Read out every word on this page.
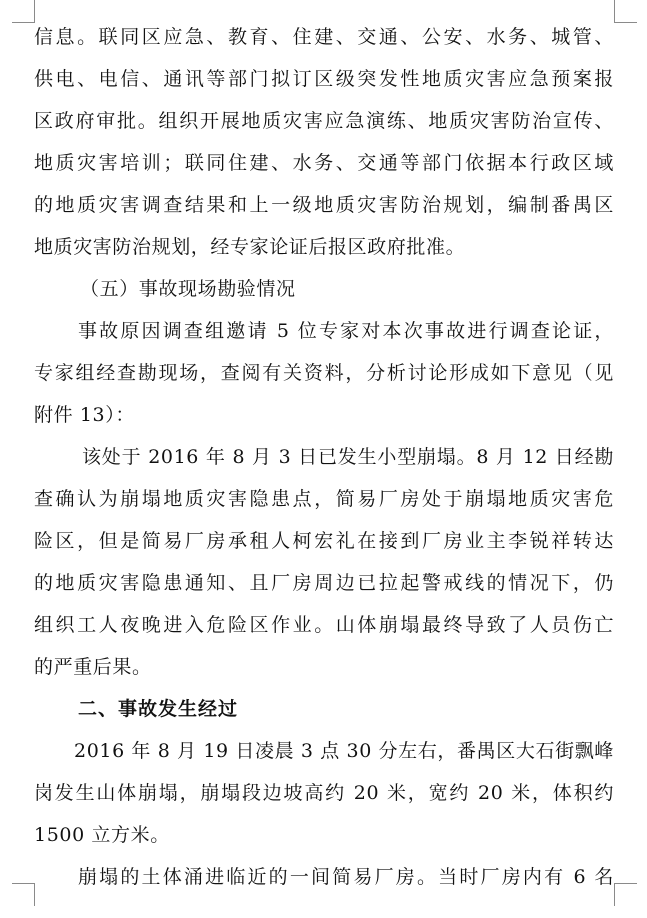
信息。联同区应急、教育、住建、交通、公安、水务、城管、
供电、电信、通讯等部门拟订区级突发性地质灾害应急预案报
区政府审批。组织开展地质灾害应急演练、地质灾害防治宣传、
地质灾害培训；联同住建、水务、交通等部门依据本行政区域
的地质灾害调查结果和上一级地质灾害防治规划，编制番禺区
地质灾害防治规划，经专家论证后报区政府批准。
（五）事故现场勘验情况
事故原因调查组邀请 5 位专家对本次事故进行调查论证，
专家组经查勘现场，查阅有关资料，分析讨论形成如下意见（见
附件 13）：
该处于 2016 年 8 月 3 日已发生小型崩塌。8 月 12 日经勘
查确认为崩塌地质灾害隐患点，简易厂房处于崩塌地质灾害危
险区，但是简易厂房承租人柯宏礼在接到厂房业主李锐祥转达
的地质灾害隐患通知、且厂房周边已拉起警戒线的情况下，仍
组织工人夜晚进入危险区作业。山体崩塌最终导致了人员伤亡
的严重后果。
二、事故发生经过
2016 年 8 月 19 日凌晨 3 点 30 分左右，番禺区大石街飘峰
岗发生山体崩塌，崩塌段边坡高约 20 米，宽约 20 米，体积约
1500 立方米。
崩塌的土体涌进临近的一间简易厂房。当时厂房内有 6 名
